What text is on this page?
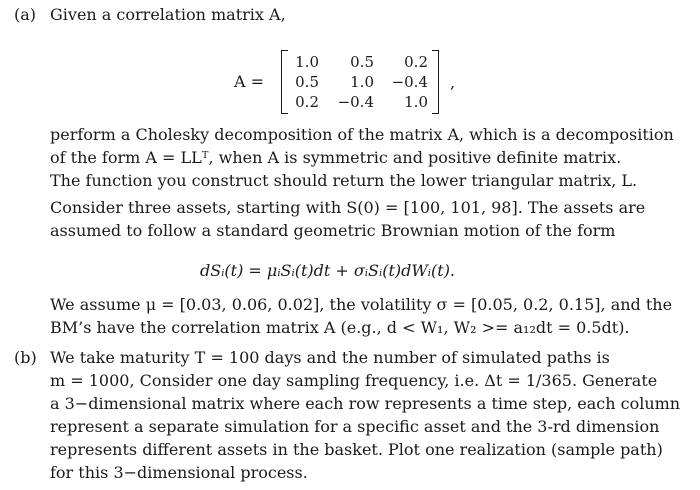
(a) Given a correlation matrix A,
A =
1.0	0.5	0.2
0.5	1.0	−0.4
0.2	−0.4	1.0
,
perform a Cholesky decomposition of the matrix A, which is a decomposition
of the form A = LLᵀ, when A is symmetric and positive definite matrix.
The function you construct should return the lower triangular matrix, L.
Consider three assets, starting with S(0) = [100, 101, 98]. The assets are
assumed to follow a standard geometric Brownian motion of the form
dSᵢ(t) = μᵢSᵢ(t)dt + σᵢSᵢ(t)dWᵢ(t).
We assume μ = [0.03, 0.06, 0.02], the volatility σ = [0.05, 0.2, 0.15], and the
BM’s have the correlation matrix A (e.g., d < W₁, W₂ >= a₁₂dt = 0.5dt).
(b) We take maturity T = 100 days and the number of simulated paths is
m = 1000, Consider one day sampling frequency, i.e. Δt = 1/365. Generate
a 3−dimensional matrix where each row represents a time step, each column
represent a separate simulation for a specific asset and the 3-rd dimension
represents different assets in the basket. Plot one realization (sample path)
for this 3−dimensional process.
